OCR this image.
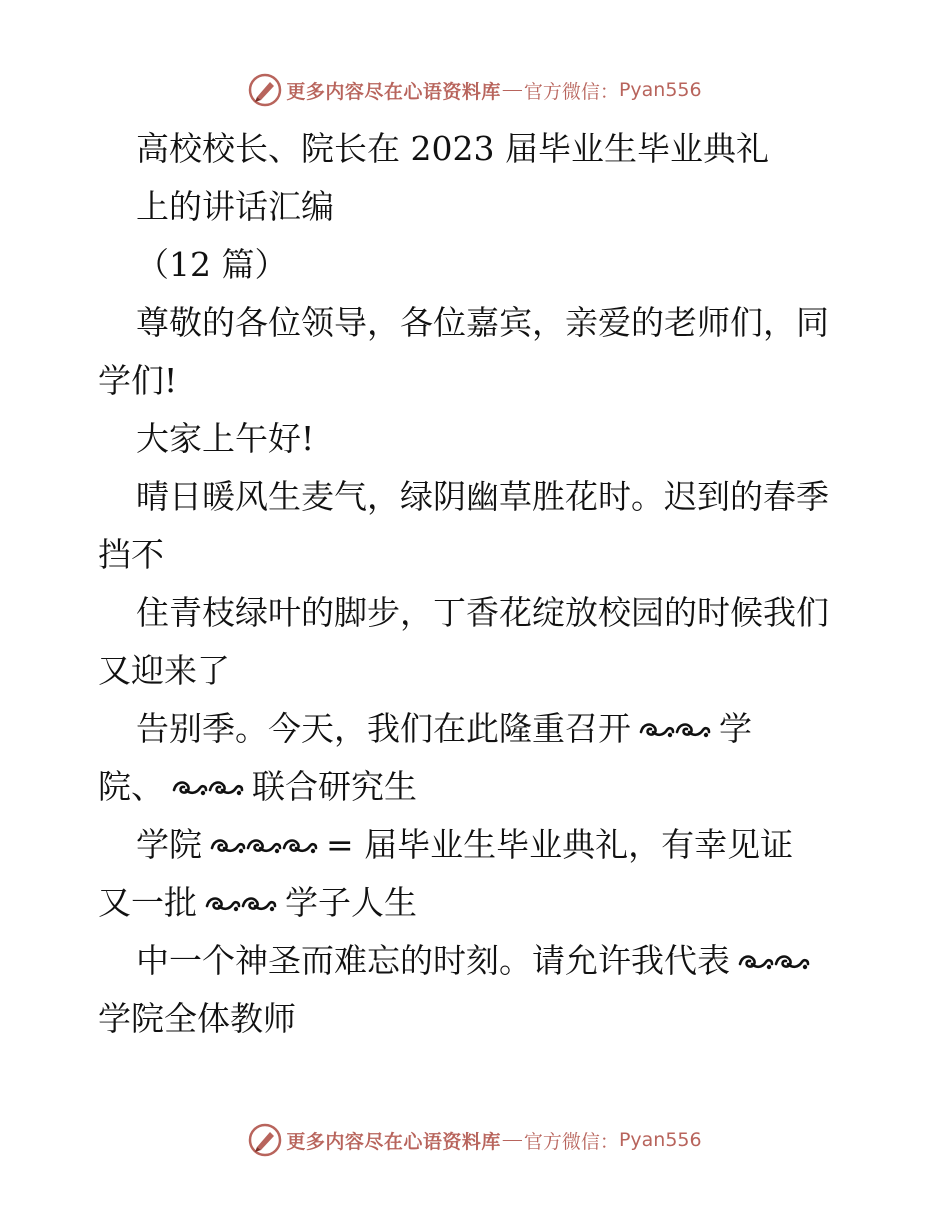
更多内容尽在心语资料库 — 官方微信： Pyan556
高校校长、院长在 2023 届毕业生毕业典礼
上的讲话汇编
（12 篇）
尊敬的各位领导，各位嘉宾，亲爱的老师们，同
学们!
大家上午好!
晴日暖风生麦气，绿阴幽草胜花时。迟到的春季
挡不
住青枝绿叶的脚步，丁香花绽放校园的时候我们
又迎来了
告别季。今天，我们在此隆重召开	学
院、	联合研究生
学院	= 届毕业生毕业典礼，有幸见证
又一批	学子人生
中一个神圣而难忘的时刻。请允许我代表
学院全体教师
更多内容尽在心语资料库 — 官方微信： Pyan556
